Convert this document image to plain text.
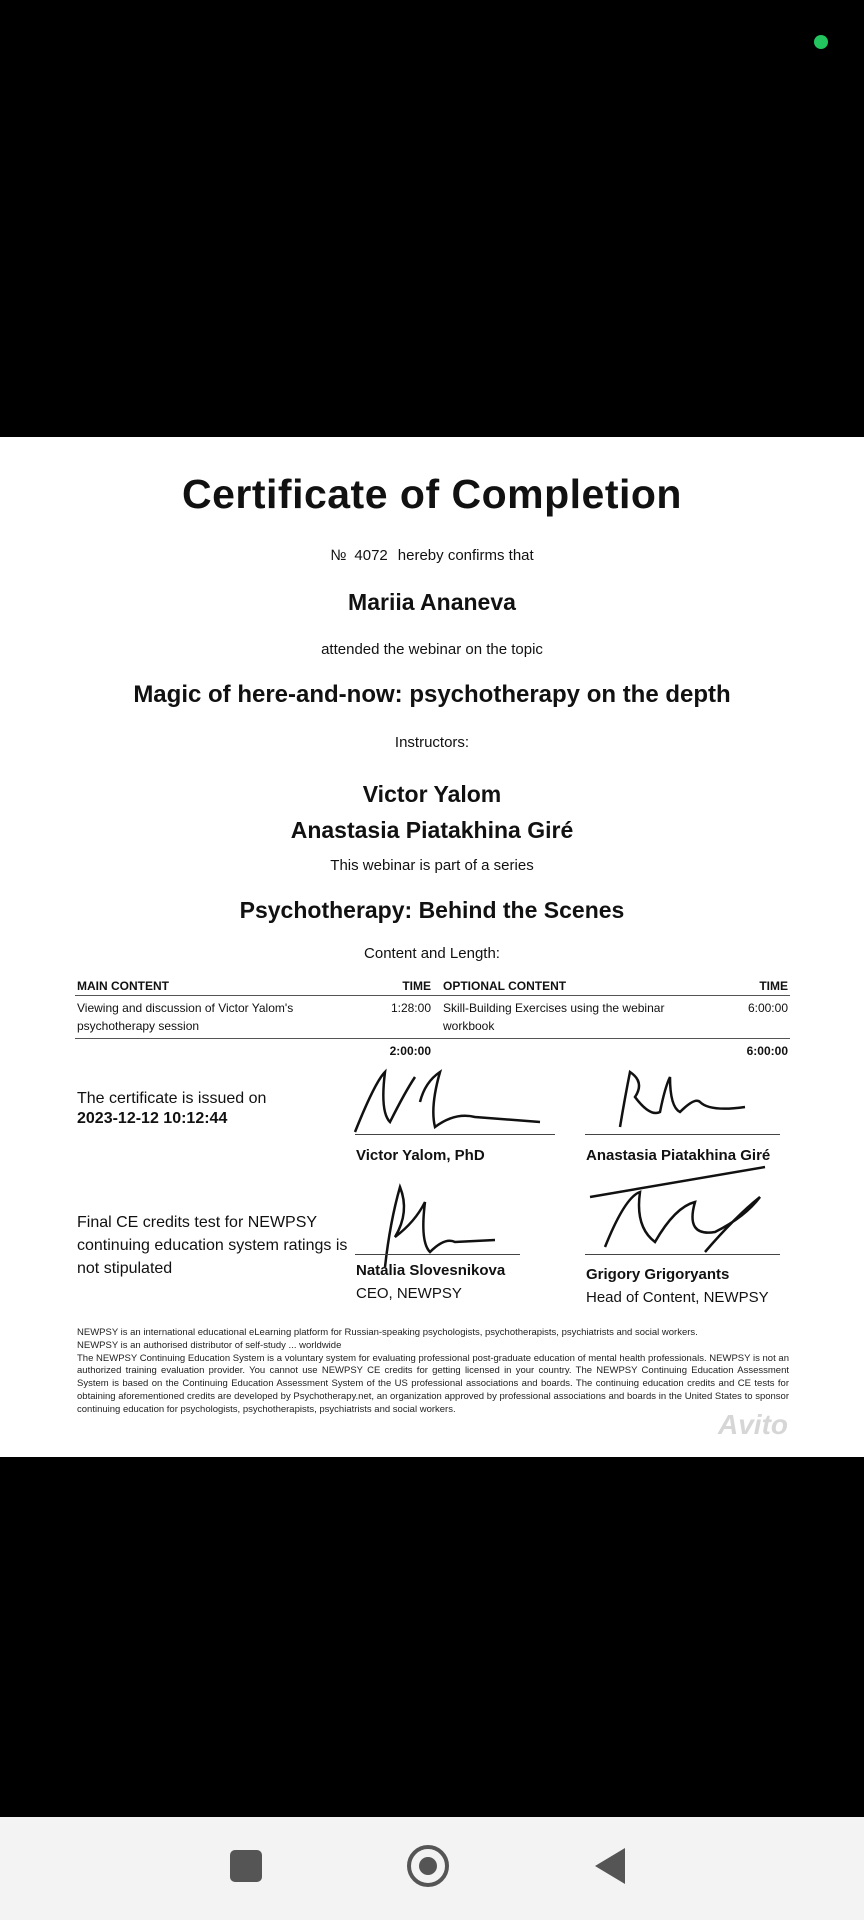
Certificate of Completion
№ 4072 hereby confirms that
Mariia Ananeva
attended the webinar on the topic
Magic of here-and-now: psychotherapy on the depth
Instructors:
Victor Yalom
Anastasia Piatakhina Giré
This webinar is part of a series
Psychotherapy: Behind the Scenes
Content and Length:
MAIN CONTENT	TIME	OPTIONAL CONTENT	TIME
Viewing and discussion of Victor Yalom's psychotherapy session	1:28:00	Skill-Building Exercises using the webinar workbook	6:00:00
	2:00:00		6:00:00
The certificate is issued on
2023-12-12 10:12:44
Victor Yalom, PhD	Anastasia Piatakhina Giré
Final CE credits test for NEWPSY continuing education system ratings is not stipulated	Natalia Slovesnikova
CEO, NEWPSY
Grigory Grigoryants
Head of Content, NEWPSY
NEWPSY is an international educational eLearning platform for Russian-speaking psychologists, psychotherapists, psychiatrists and social workers.
NEWPSY is an authorised distributor of self-study ... worldwide
The NEWPSY Continuing Education System is a voluntary system for evaluating professional post-graduate education of mental health professionals. NEWPSY is not an authorized training evaluation provider. You cannot use NEWPSY CE credits for getting licensed in your country. The NEWPSY Continuing Education Assessment System is based on the Continuing Education Assessment System of the US professional associations and boards. The continuing education credits and CE tests for obtaining aforementioned credits are developed by Psychotherapy.net, an organization approved by professional associations and boards in the United States to sponsor continuing education for psychologists, psychotherapists, psychiatrists and social workers.	Avito
